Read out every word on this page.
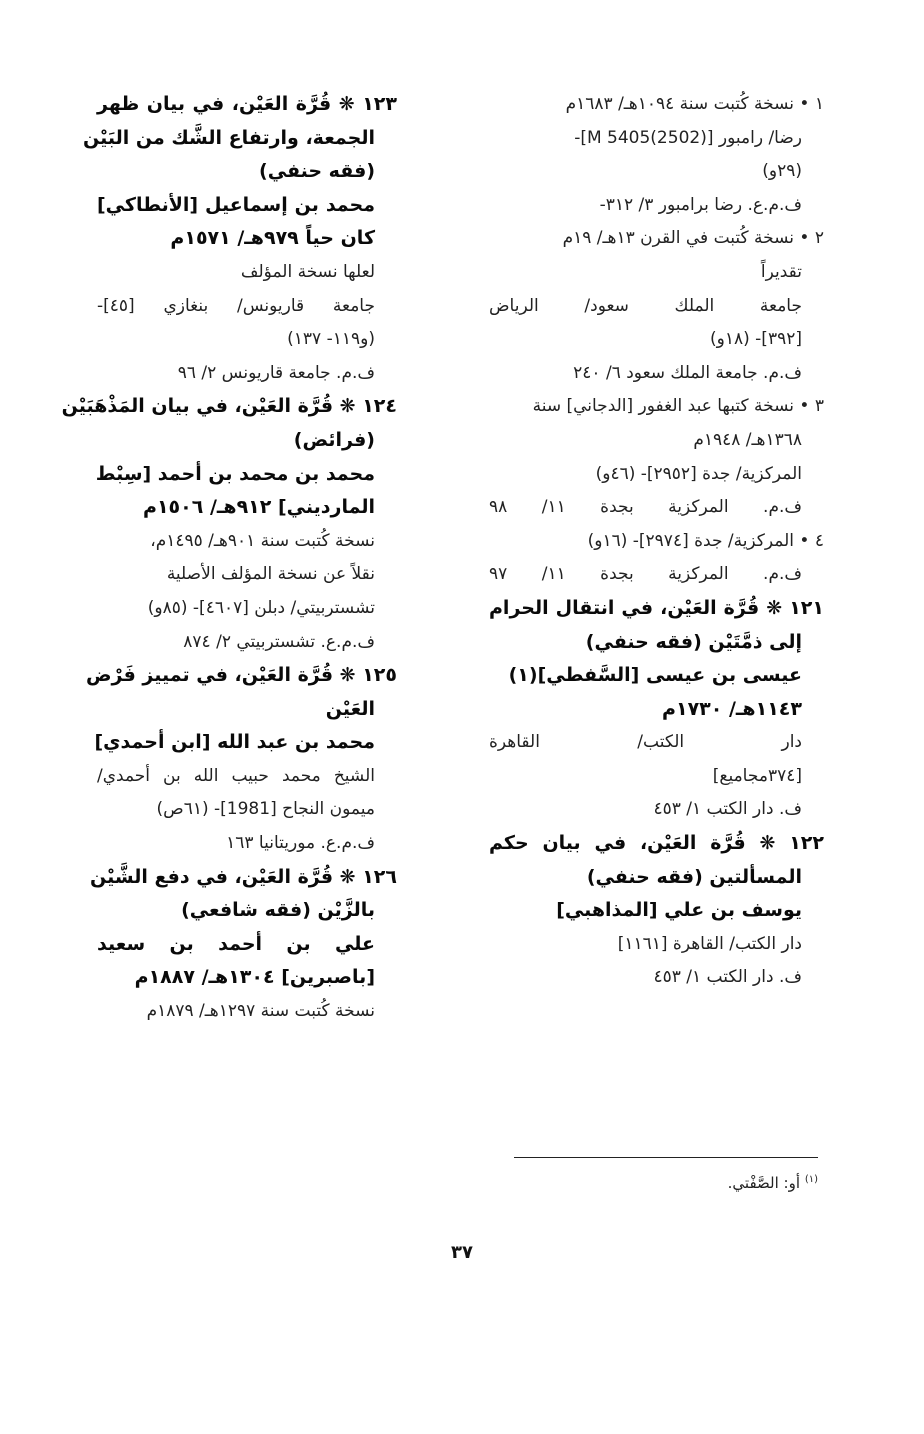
١ • نسخة كُتبت سنة ١٠٩٤هـ/ ١٦٨٣م
رضا/ رامبور [M 5405(2502)]-
(٢٩و)
ف.م.ع. رضا برامبور ٣/ ٣١٢-
٢ • نسخة كُتبت في القرن ١٣هـ/ ١٩م
تقديراً
جامعة الملك سعود/ الرياض
[٣٩٢]- (١٨و)
ف.م. جامعة الملك سعود ٦/ ٢٤٠
٣ • نسخة كتبها عبد الغفور [الدجاني] سنة
١٣٦٨هـ/ ١٩٤٨م
المركزية/ جدة [٢٩٥٢]- (٤٦و)
ف.م. المركزية بجدة ١١/ ٩٨
٤ • المركزية/ جدة [٢٩٧٤]- (١٦و)
ف.م. المركزية بجدة ١١/ ٩٧
١٢١ ❋ قُرَّة العَيْن، في انتقال الحرام
إلى ذمَّتَيْن (فقه حنفي)
عيسى بن عيسى [السَّفطي](١)
١١٤٣هـ/ ١٧٣٠م
دار الكتب/ القاهرة
[٣٧٤مجاميع]
ف. دار الكتب ١/ ٤٥٣
١٢٢ ❋ قُرَّة العَيْن، في بيان حكم
المسألتين (فقه حنفي)
يوسف بن علي [المذاهبي]
دار الكتب/ القاهرة [١١٦١]
ف. دار الكتب ١/ ٤٥٣
١٢٣ ❋ قُرَّة العَيْن، في بيان ظهر
الجمعة، وارتفاع الشَّك من البَيْن
(فقه حنفي)
محمد بن إسماعيل [الأنطاكي]
كان حياً ٩٧٩هـ/ ١٥٧١م
لعلها نسخة المؤلف
جامعة قاريونس/ بنغازي [٤٥]-
(و١١٩- ١٣٧)
ف.م. جامعة قاريونس ٢/ ٩٦
١٢٤ ❋ قُرَّة العَيْن، في بيان المَذْهَبَيْن
(فرائض)
محمد بن محمد بن أحمد [سِبْط
المارديني] ٩١٢هـ/ ١٥٠٦م
نسخة كُتبت سنة ٩٠١هـ/ ١٤٩٥م،
نقلاً عن نسخة المؤلف الأصلية
تشستربيتي/ دبلن [٤٦٠٧]- (٨٥و)
ف.م.ع. تشستربيتي ٢/ ٨٧٤
١٢٥ ❋ قُرَّة العَيْن، في تمييز فَرْض
العَيْن
محمد بن عبد الله [ابن أحمدي]
الشيخ محمد حبيب الله بن أحمدي/
ميمون النجاح [1981]- (٦١ص)
ف.م.ع. موريتانيا ١٦٣
١٢٦ ❋ قُرَّة العَيْن، في دفع الشَّيْن
بالزَّيْن (فقه شافعي)
علي بن أحمد بن سعيد
[باصبرين] ١٣٠٤هـ/ ١٨٨٧م
نسخة كُتبت سنة ١٢٩٧هـ/ ١٨٧٩م
$^{(١)}$ أو: الصَّفْتي.
٣٧
